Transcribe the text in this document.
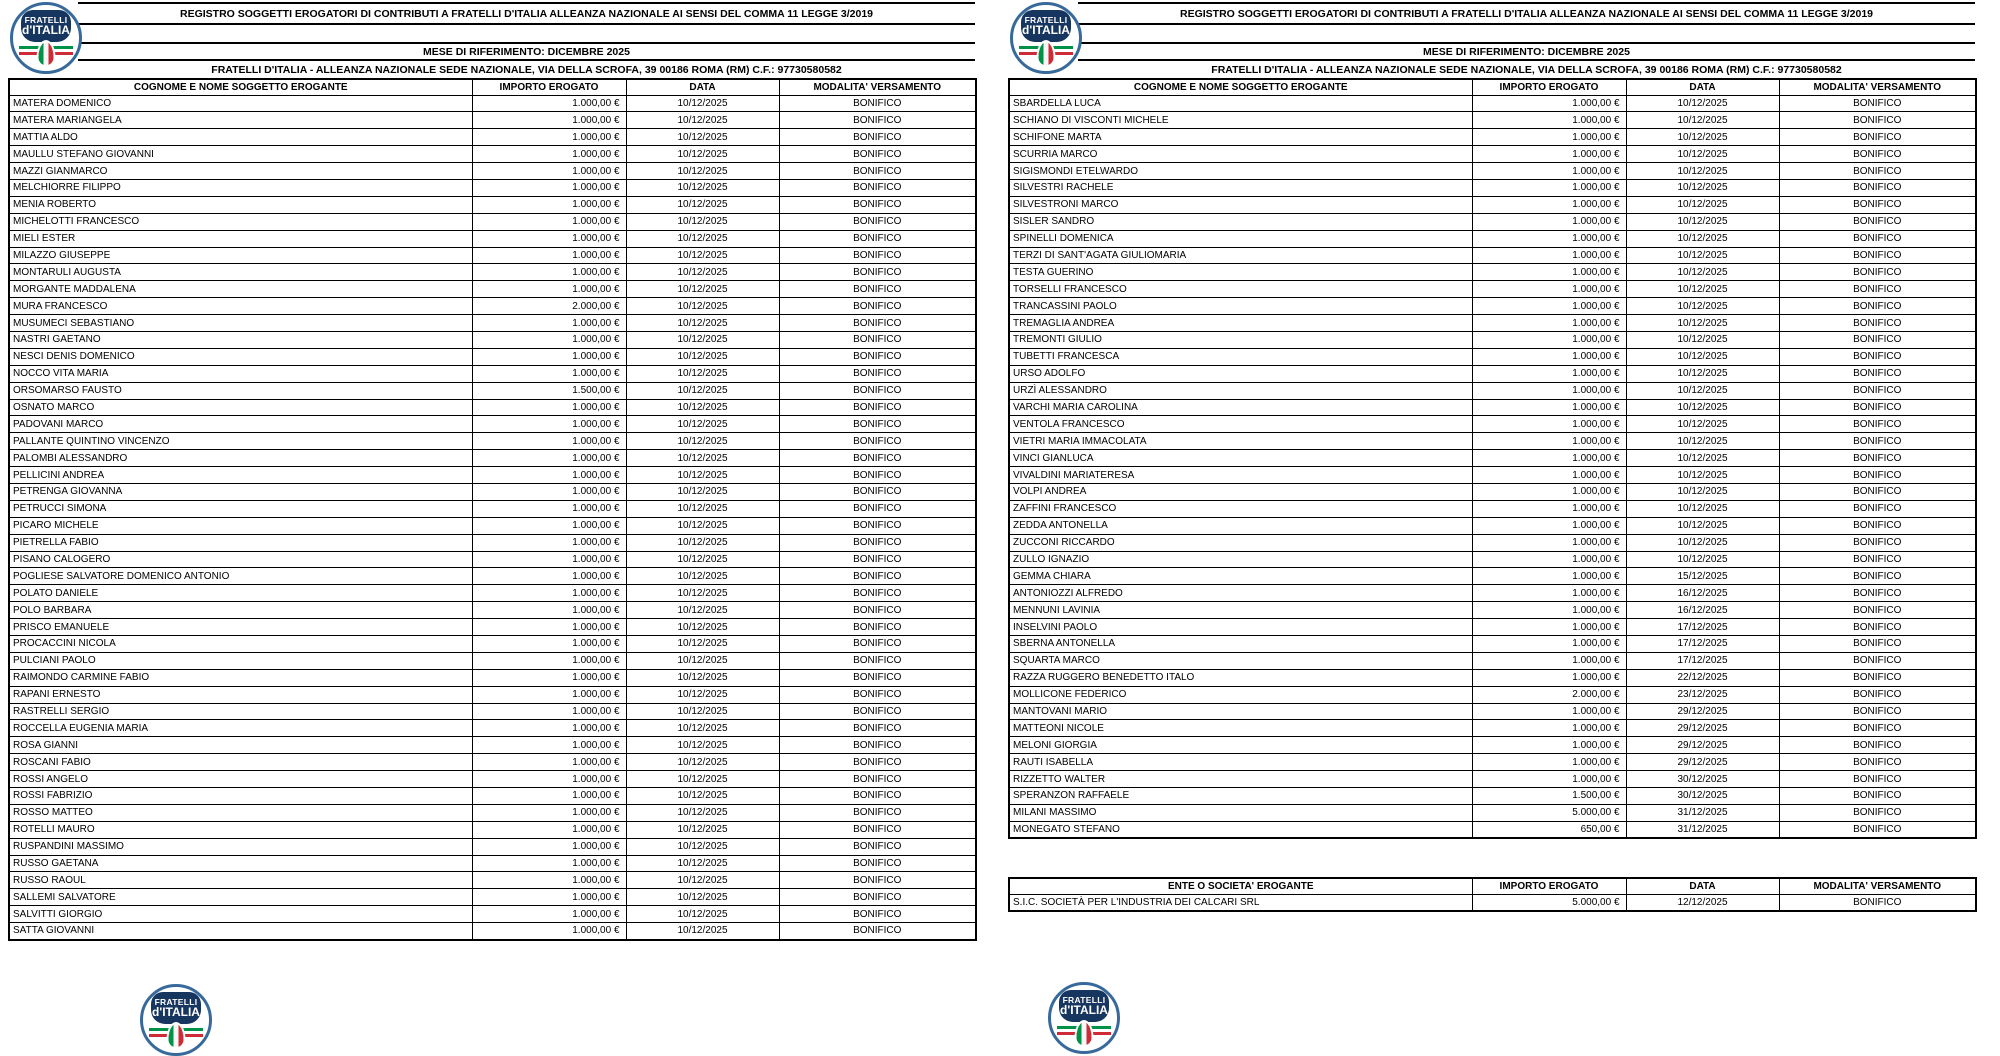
FRATELLI
d'ITALIA
REGISTRO SOGGETTI EROGATORI DI CONTRIBUTI A FRATELLI D'ITALIA ALLEANZA NAZIONALE AI SENSI DEL COMMA 11 LEGGE 3/2019
MESE DI RIFERIMENTO: DICEMBRE 2025
FRATELLI D'ITALIA - ALLEANZA NAZIONALE SEDE NAZIONALE, VIA DELLA SCROFA, 39 00186 ROMA (RM) C.F.: 97730580582
COGNOME E NOME SOGGETTO EROGANTE	IMPORTO EROGATO	DATA	MODALITA' VERSAMENTO
MATERA DOMENICO	1.000,00 €	10/12/2025	BONIFICO
MATERA MARIANGELA	1.000,00 €	10/12/2025	BONIFICO
MATTIA ALDO	1.000,00 €	10/12/2025	BONIFICO
MAULLU STEFANO GIOVANNI	1.000,00 €	10/12/2025	BONIFICO
MAZZI GIANMARCO	1.000,00 €	10/12/2025	BONIFICO
MELCHIORRE FILIPPO	1.000,00 €	10/12/2025	BONIFICO
MENIA ROBERTO	1.000,00 €	10/12/2025	BONIFICO
MICHELOTTI FRANCESCO	1.000,00 €	10/12/2025	BONIFICO
MIELI ESTER	1.000,00 €	10/12/2025	BONIFICO
MILAZZO GIUSEPPE	1.000,00 €	10/12/2025	BONIFICO
MONTARULI AUGUSTA	1.000,00 €	10/12/2025	BONIFICO
MORGANTE MADDALENA	1.000,00 €	10/12/2025	BONIFICO
MURA FRANCESCO	2.000,00 €	10/12/2025	BONIFICO
MUSUMECI SEBASTIANO	1.000,00 €	10/12/2025	BONIFICO
NASTRI GAETANO	1.000,00 €	10/12/2025	BONIFICO
NESCI DENIS DOMENICO	1.000,00 €	10/12/2025	BONIFICO
NOCCO VITA MARIA	1.000,00 €	10/12/2025	BONIFICO
ORSOMARSO FAUSTO	1.500,00 €	10/12/2025	BONIFICO
OSNATO MARCO	1.000,00 €	10/12/2025	BONIFICO
PADOVANI MARCO	1.000,00 €	10/12/2025	BONIFICO
PALLANTE QUINTINO VINCENZO	1.000,00 €	10/12/2025	BONIFICO
PALOMBI ALESSANDRO	1.000,00 €	10/12/2025	BONIFICO
PELLICINI ANDREA	1.000,00 €	10/12/2025	BONIFICO
PETRENGA GIOVANNA	1.000,00 €	10/12/2025	BONIFICO
PETRUCCI SIMONA	1.000,00 €	10/12/2025	BONIFICO
PICARO MICHELE	1.000,00 €	10/12/2025	BONIFICO
PIETRELLA FABIO	1.000,00 €	10/12/2025	BONIFICO
PISANO CALOGERO	1.000,00 €	10/12/2025	BONIFICO
POGLIESE SALVATORE DOMENICO ANTONIO	1.000,00 €	10/12/2025	BONIFICO
POLATO DANIELE	1.000,00 €	10/12/2025	BONIFICO
POLO BARBARA	1.000,00 €	10/12/2025	BONIFICO
PRISCO EMANUELE	1.000,00 €	10/12/2025	BONIFICO
PROCACCINI NICOLA	1.000,00 €	10/12/2025	BONIFICO
PULCIANI PAOLO	1.000,00 €	10/12/2025	BONIFICO
RAIMONDO CARMINE FABIO	1.000,00 €	10/12/2025	BONIFICO
RAPANI ERNESTO	1.000,00 €	10/12/2025	BONIFICO
RASTRELLI SERGIO	1.000,00 €	10/12/2025	BONIFICO
ROCCELLA EUGENIA MARIA	1.000,00 €	10/12/2025	BONIFICO
ROSA GIANNI	1.000,00 €	10/12/2025	BONIFICO
ROSCANI FABIO	1.000,00 €	10/12/2025	BONIFICO
ROSSI ANGELO	1.000,00 €	10/12/2025	BONIFICO
ROSSI FABRIZIO	1.000,00 €	10/12/2025	BONIFICO
ROSSO MATTEO	1.000,00 €	10/12/2025	BONIFICO
ROTELLI MAURO	1.000,00 €	10/12/2025	BONIFICO
RUSPANDINI MASSIMO	1.000,00 €	10/12/2025	BONIFICO
RUSSO GAETANA	1.000,00 €	10/12/2025	BONIFICO
RUSSO RAOUL	1.000,00 €	10/12/2025	BONIFICO
SALLEMI SALVATORE	1.000,00 €	10/12/2025	BONIFICO
SALVITTI GIORGIO	1.000,00 €	10/12/2025	BONIFICO
SATTA GIOVANNI	1.000,00 €	10/12/2025	BONIFICO
FRATELLI
d'ITALIA
FRATELLI
d'ITALIA
REGISTRO SOGGETTI EROGATORI DI CONTRIBUTI A FRATELLI D'ITALIA ALLEANZA NAZIONALE AI SENSI DEL COMMA 11 LEGGE 3/2019
MESE DI RIFERIMENTO: DICEMBRE 2025
FRATELLI D'ITALIA - ALLEANZA NAZIONALE SEDE NAZIONALE, VIA DELLA SCROFA, 39 00186 ROMA (RM) C.F.: 97730580582
COGNOME E NOME SOGGETTO EROGANTE	IMPORTO EROGATO	DATA	MODALITA' VERSAMENTO
SBARDELLA LUCA	1.000,00 €	10/12/2025	BONIFICO
SCHIANO DI VISCONTI MICHELE	1.000,00 €	10/12/2025	BONIFICO
SCHIFONE MARTA	1.000,00 €	10/12/2025	BONIFICO
SCURRIA MARCO	1.000,00 €	10/12/2025	BONIFICO
SIGISMONDI ETELWARDO	1.000,00 €	10/12/2025	BONIFICO
SILVESTRI RACHELE	1.000,00 €	10/12/2025	BONIFICO
SILVESTRONI MARCO	1.000,00 €	10/12/2025	BONIFICO
SISLER SANDRO	1.000,00 €	10/12/2025	BONIFICO
SPINELLI DOMENICA	1.000,00 €	10/12/2025	BONIFICO
TERZI DI SANT'AGATA GIULIOMARIA	1.000,00 €	10/12/2025	BONIFICO
TESTA GUERINO	1.000,00 €	10/12/2025	BONIFICO
TORSELLI FRANCESCO	1.000,00 €	10/12/2025	BONIFICO
TRANCASSINI PAOLO	1.000,00 €	10/12/2025	BONIFICO
TREMAGLIA ANDREA	1.000,00 €	10/12/2025	BONIFICO
TREMONTI GIULIO	1.000,00 €	10/12/2025	BONIFICO
TUBETTI FRANCESCA	1.000,00 €	10/12/2025	BONIFICO
URSO ADOLFO	1.000,00 €	10/12/2025	BONIFICO
URZÌ ALESSANDRO	1.000,00 €	10/12/2025	BONIFICO
VARCHI MARIA CAROLINA	1.000,00 €	10/12/2025	BONIFICO
VENTOLA FRANCESCO	1.000,00 €	10/12/2025	BONIFICO
VIETRI MARIA IMMACOLATA	1.000,00 €	10/12/2025	BONIFICO
VINCI GIANLUCA	1.000,00 €	10/12/2025	BONIFICO
VIVALDINI MARIATERESA	1.000,00 €	10/12/2025	BONIFICO
VOLPI ANDREA	1.000,00 €	10/12/2025	BONIFICO
ZAFFINI FRANCESCO	1.000,00 €	10/12/2025	BONIFICO
ZEDDA ANTONELLA	1.000,00 €	10/12/2025	BONIFICO
ZUCCONI RICCARDO	1.000,00 €	10/12/2025	BONIFICO
ZULLO IGNAZIO	1.000,00 €	10/12/2025	BONIFICO
GEMMA CHIARA	1.000,00 €	15/12/2025	BONIFICO
ANTONIOZZI ALFREDO	1.000,00 €	16/12/2025	BONIFICO
MENNUNI LAVINIA	1.000,00 €	16/12/2025	BONIFICO
INSELVINI PAOLO	1.000,00 €	17/12/2025	BONIFICO
SBERNA ANTONELLA	1.000,00 €	17/12/2025	BONIFICO
SQUARTA MARCO	1.000,00 €	17/12/2025	BONIFICO
RAZZA RUGGERO BENEDETTO ITALO	1.000,00 €	22/12/2025	BONIFICO
MOLLICONE FEDERICO	2.000,00 €	23/12/2025	BONIFICO
MANTOVANI MARIO	1.000,00 €	29/12/2025	BONIFICO
MATTEONI NICOLE	1.000,00 €	29/12/2025	BONIFICO
MELONI GIORGIA	1.000,00 €	29/12/2025	BONIFICO
RAUTI ISABELLA	1.000,00 €	29/12/2025	BONIFICO
RIZZETTO WALTER	1.000,00 €	30/12/2025	BONIFICO
SPERANZON RAFFAELE	1.500,00 €	30/12/2025	BONIFICO
MILANI MASSIMO	5.000,00 €	31/12/2025	BONIFICO
MONEGATO STEFANO	650,00 €	31/12/2025	BONIFICO
ENTE O SOCIETA' EROGANTE	IMPORTO EROGATO	DATA	MODALITA' VERSAMENTO
S.I.C. SOCIETÀ PER L'INDUSTRIA DEI CALCARI SRL	5.000,00 €	12/12/2025	BONIFICO
FRATELLI
d'ITALIA
